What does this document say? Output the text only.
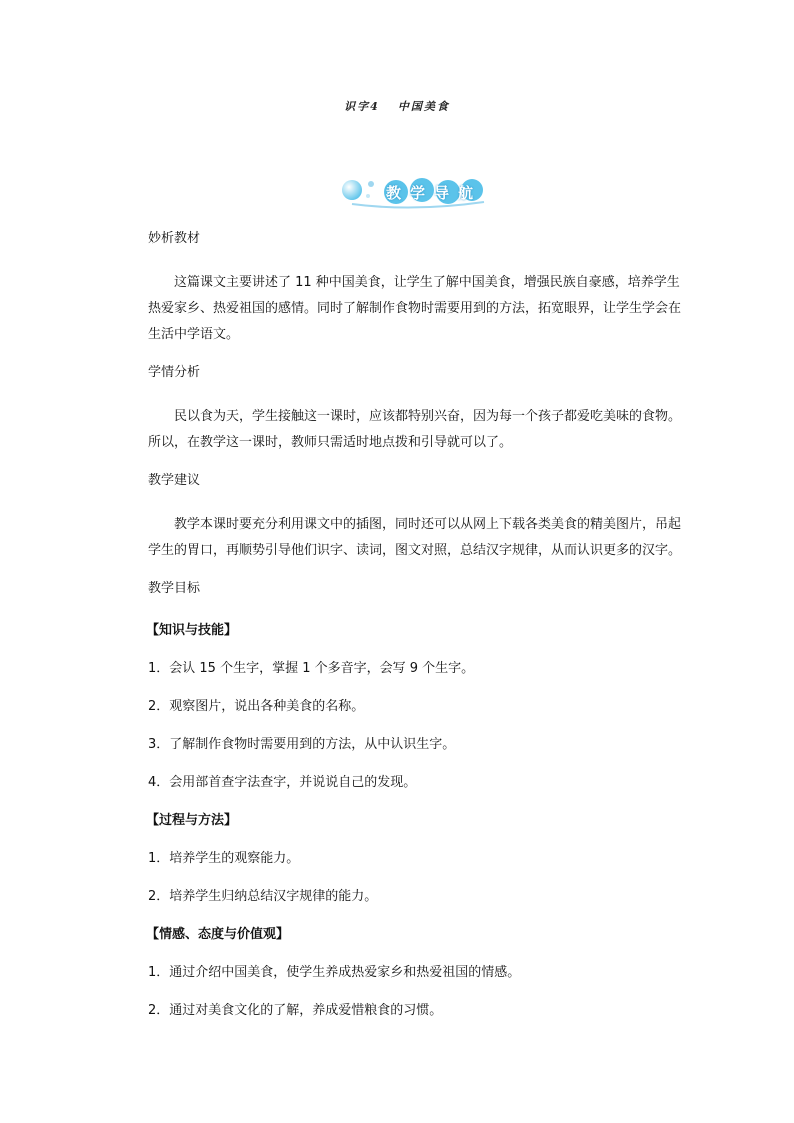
识字4 中国美食
教学导航
妙析教材
　　这篇课文主要讲述了 11 种中国美食，让学生了解中国美食，增强民族自豪感，培养学生热爱家乡、热爱祖国的感情。同时了解制作食物时需要用到的方法，拓宽眼界，让学生学会在生活中学语文。
学情分析
　　民以食为天，学生接触这一课时，应该都特别兴奋，因为每一个孩子都爱吃美味的食物。所以，在教学这一课时，教师只需适时地点拨和引导就可以了。
教学建议
　　教学本课时要充分利用课文中的插图，同时还可以从网上下载各类美食的精美图片，吊起学生的胃口，再顺势引导他们识字、读词，图文对照，总结汉字规律，从而认识更多的汉字。
教学目标
【知识与技能】
1．会认 15 个生字，掌握 1 个多音字，会写 9 个生字。
2．观察图片，说出各种美食的名称。
3．了解制作食物时需要用到的方法，从中认识生字。
4．会用部首查字法查字，并说说自己的发现。
【过程与方法】
1．培养学生的观察能力。
2．培养学生归纳总结汉字规律的能力。
【情感、态度与价值观】
1．通过介绍中国美食，使学生养成热爱家乡和热爱祖国的情感。
2．通过对美食文化的了解，养成爱惜粮食的习惯。
